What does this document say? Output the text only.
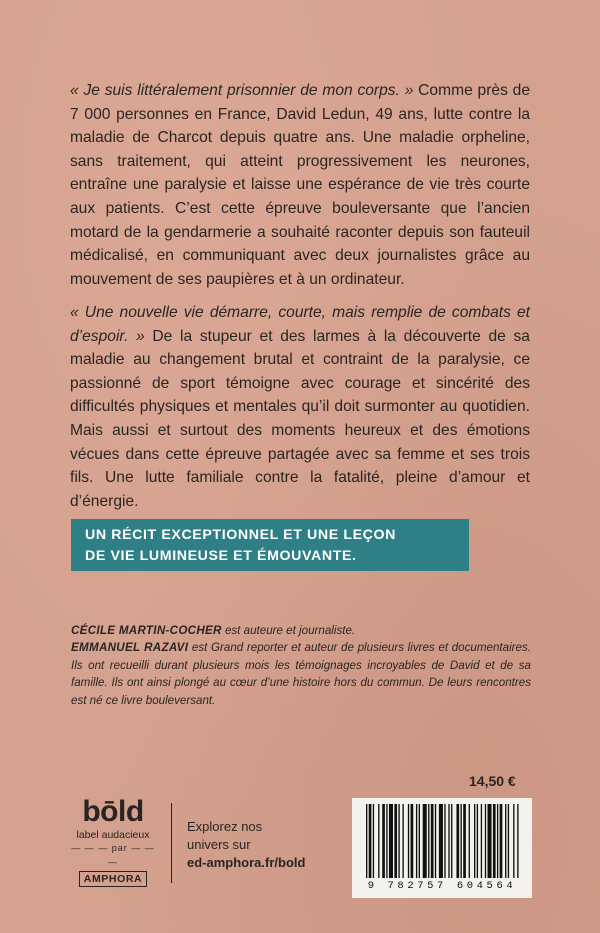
« Je suis littéralement prisonnier de mon corps. » Comme près de 7 000 personnes en France, David Ledun, 49 ans, lutte contre la maladie de Charcot depuis quatre ans. Une maladie orpheline, sans traitement, qui atteint progressivement les neurones, entraîne une paralysie et laisse une espérance de vie très courte aux patients. C’est cette épreuve bouleversante que l’ancien motard de la gendarmerie a souhaité raconter depuis son fauteuil médicalisé, en communiquant avec deux journalistes grâce au mouvement de ses paupières et à un ordinateur.

« Une nouvelle vie démarre, courte, mais remplie de combats et d’espoir. » De la stupeur et des larmes à la découverte de sa maladie au changement brutal et contraint de la paralysie, ce passionné de sport témoigne avec courage et sincérité des difficultés physiques et mentales qu’il doit surmonter au quotidien. Mais aussi et surtout des moments heureux et des émotions vécues dans cette épreuve partagée avec sa femme et ses trois fils. Une lutte familiale contre la fatalité, pleine d’amour et d’énergie.

UN RÉCIT EXCEPTIONNEL ET UNE LEÇON
DE VIE LUMINEUSE ET ÉMOUVANTE.
CÉCILE MARTIN-COCHER est auteure et journaliste.
EMMANUEL RAZAVI est Grand reporter et auteur de plusieurs livres et documentaires. Ils ont recueilli durant plusieurs mois les témoignages incroyables de David et de sa famille. Ils ont ainsi plongé au cœur d’une histoire hors du commun. De leurs rencontres est né ce livre bouleversant.
14,50 €
bōld
label audacieux
— — — par — — —
AMPHORA
Explorez nos
univers sur
ed-amphora.fr/bold
9 782757 604564
